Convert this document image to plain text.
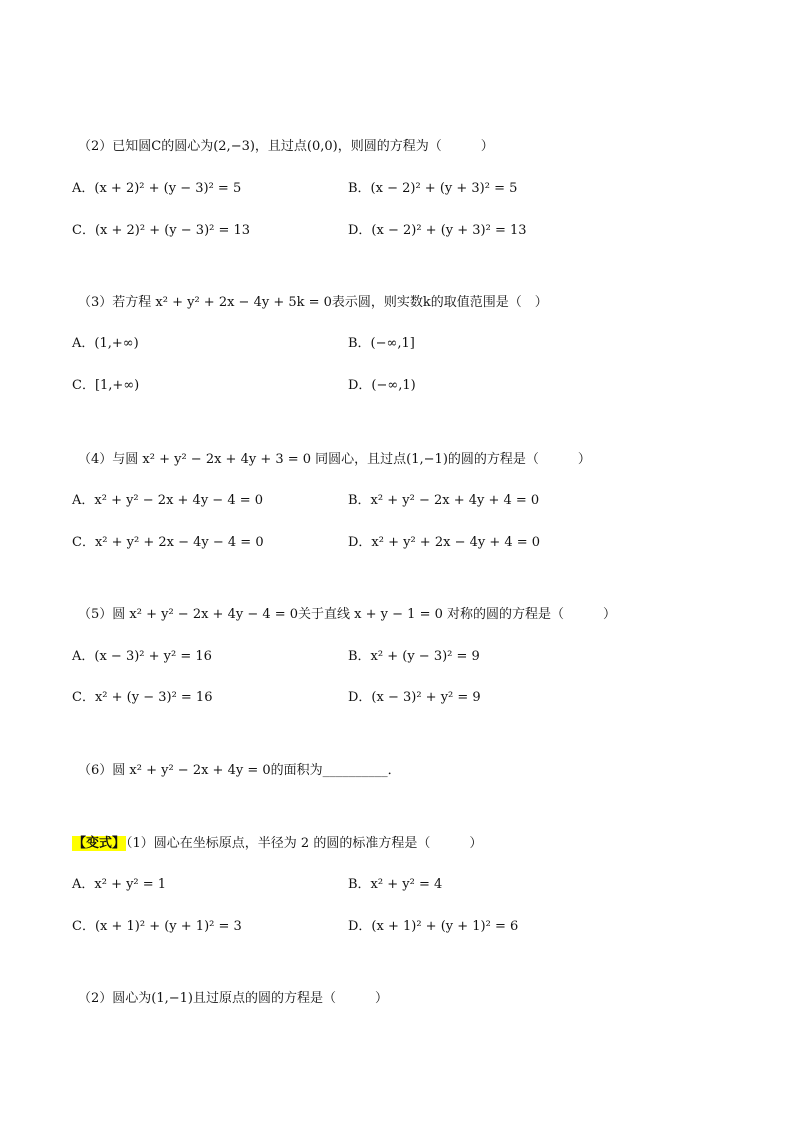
（2）已知圆C的圆心为(2,−3)，且过点(0,0)，则圆的方程为（　　　）
A．(x + 2)² + (y − 3)² = 5	B．(x − 2)² + (y + 3)² = 5
C．(x + 2)² + (y − 3)² = 13	D．(x − 2)² + (y + 3)² = 13
（3）若方程 x² + y² + 2x − 4y + 5k = 0表示圆，则实数k的取值范围是（　）
A．(1,+∞)	B．(−∞,1]
C．[1,+∞)	D．(−∞,1)
（4）与圆 x² + y² − 2x + 4y + 3 = 0 同圆心，且过点(1,−1)的圆的方程是（　　　）
A．x² + y² − 2x + 4y − 4 = 0	B．x² + y² − 2x + 4y + 4 = 0
C．x² + y² + 2x − 4y − 4 = 0	D．x² + y² + 2x − 4y + 4 = 0
（5）圆 x² + y² − 2x + 4y − 4 = 0关于直线 x + y − 1 = 0 对称的圆的方程是（　　　）
A．(x − 3)² + y² = 16	B．x² + (y − 3)² = 9
C．x² + (y − 3)² = 16	D．(x − 3)² + y² = 9
（6）圆 x² + y² − 2x + 4y = 0的面积为__________．
【变式】（1）圆心在坐标原点，半径为 2 的圆的标准方程是（　　　）
A．x² + y² = 1	B．x² + y² = 4
C．(x + 1)² + (y + 1)² = 3	D．(x + 1)² + (y + 1)² = 6
（2）圆心为(1,−1)且过原点的圆的方程是（　　　）
